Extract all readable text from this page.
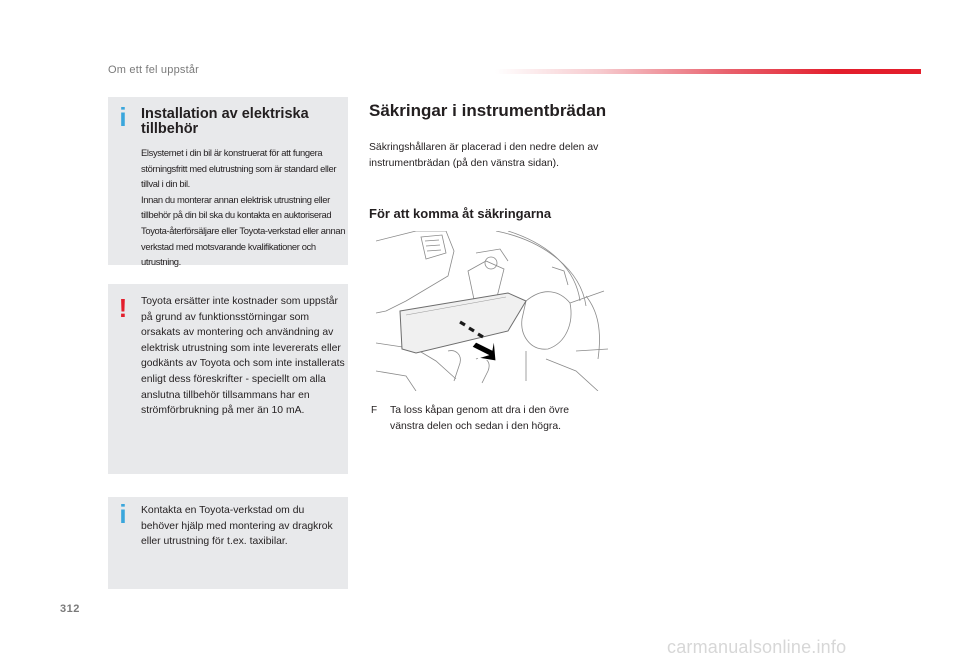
Om ett fel uppstår
i Installation av elektriska tillbehör
Elsystemet i din bil är konstruerat för att fungera störningsfritt med elutrustning som är standard eller tillval i din bil.
Innan du monterar annan elektrisk utrustning eller tillbehör på din bil ska du kontakta en auktoriserad Toyota-återförsäljare eller Toyota-verkstad eller annan verkstad med motsvarande kvalifikationer och utrustning.
! Toyota ersätter inte kostnader som uppstår på grund av funktionsstörningar som orsakats av montering och användning av elektrisk utrustning som inte levererats eller godkänts av Toyota och som inte installerats enligt dess föreskrifter - speciellt om alla anslutna tillbehör tillsammans har en strömförbrukning på mer än 10 mA.
i Kontakta en Toyota-verkstad om du behöver hjälp med montering av dragkrok eller utrustning för t.ex. taxibilar.
Säkringar i instrumentbrädan
Säkringshållaren är placerad i den nedre delen av instrumentbrädan (på den vänstra sidan).
För att komma åt säkringarna
F Ta loss kåpan genom att dra i den övre vänstra delen och sedan i den högra.
312
carmanualsonline.info
